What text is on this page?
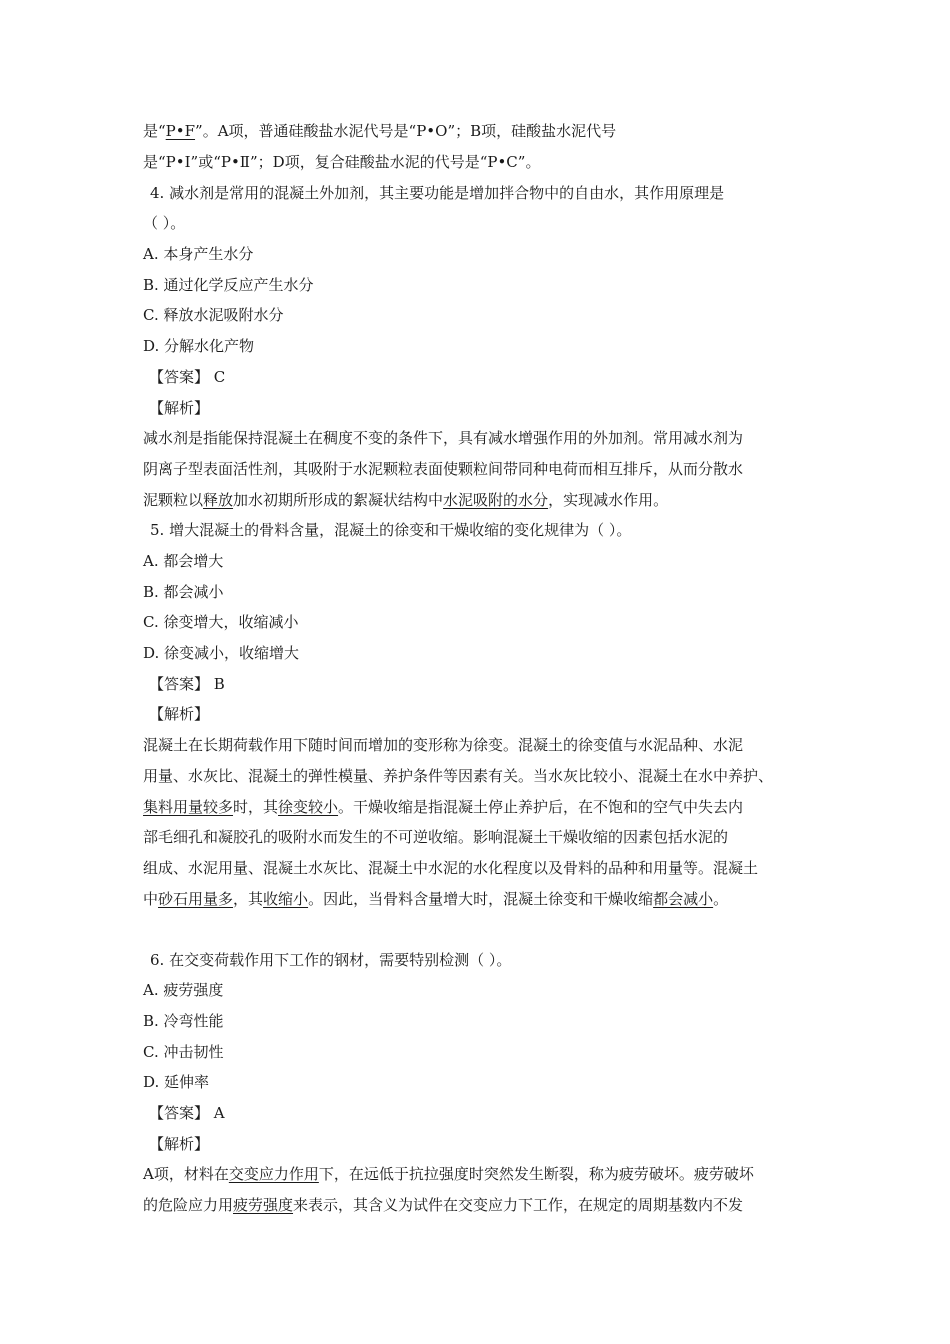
是“P•F”。A项，普通硅酸盐水泥代号是“P•O”；B项，硅酸盐水泥代号
是“P•Ⅰ”或“P•Ⅱ”；D项，复合硅酸盐水泥的代号是“P•C”。
4. 减水剂是常用的混凝土外加剂，其主要功能是增加拌合物中的自由水，其作用原理是
（ ）。
A. 本身产生水分
B. 通过化学反应产生水分
C. 释放水泥吸附水分
D. 分解水化产物
【答案】 C
【解析】
减水剂是指能保持混凝土在稠度不变的条件下，具有减水增强作用的外加剂。常用减水剂为
阴离子型表面活性剂，其吸附于水泥颗粒表面使颗粒间带同种电荷而相互排斥，从而分散水
泥颗粒以释放加水初期所形成的絮凝状结构中水泥吸附的水分，实现减水作用。
5. 增大混凝土的骨料含量，混凝土的徐变和干燥收缩的变化规律为（ ）。
A. 都会增大
B. 都会减小
C. 徐变增大，收缩减小
D. 徐变减小，收缩增大
【答案】 B
【解析】
混凝土在长期荷载作用下随时间而增加的变形称为徐变。混凝土的徐变值与水泥品种、水泥
用量、水灰比、混凝土的弹性模量、养护条件等因素有关。当水灰比较小、混凝土在水中养护、
集料用量较多时，其徐变较小。干燥收缩是指混凝土停止养护后，在不饱和的空气中失去内
部毛细孔和凝胶孔的吸附水而发生的不可逆收缩。影响混凝土干燥收缩的因素包括水泥的
组成、水泥用量、混凝土水灰比、混凝土中水泥的水化程度以及骨料的品种和用量等。混凝土
中砂石用量多，其收缩小。因此，当骨料含量增大时，混凝土徐变和干燥收缩都会减小。
6. 在交变荷载作用下工作的钢材，需要特别检测（ ）。
A. 疲劳强度
B. 冷弯性能
C. 冲击韧性
D. 延伸率
【答案】 A
【解析】
A项，材料在交变应力作用下，在远低于抗拉强度时突然发生断裂，称为疲劳破坏。疲劳破坏
的危险应力用疲劳强度来表示，其含义为试件在交变应力下工作，在规定的周期基数内不发
